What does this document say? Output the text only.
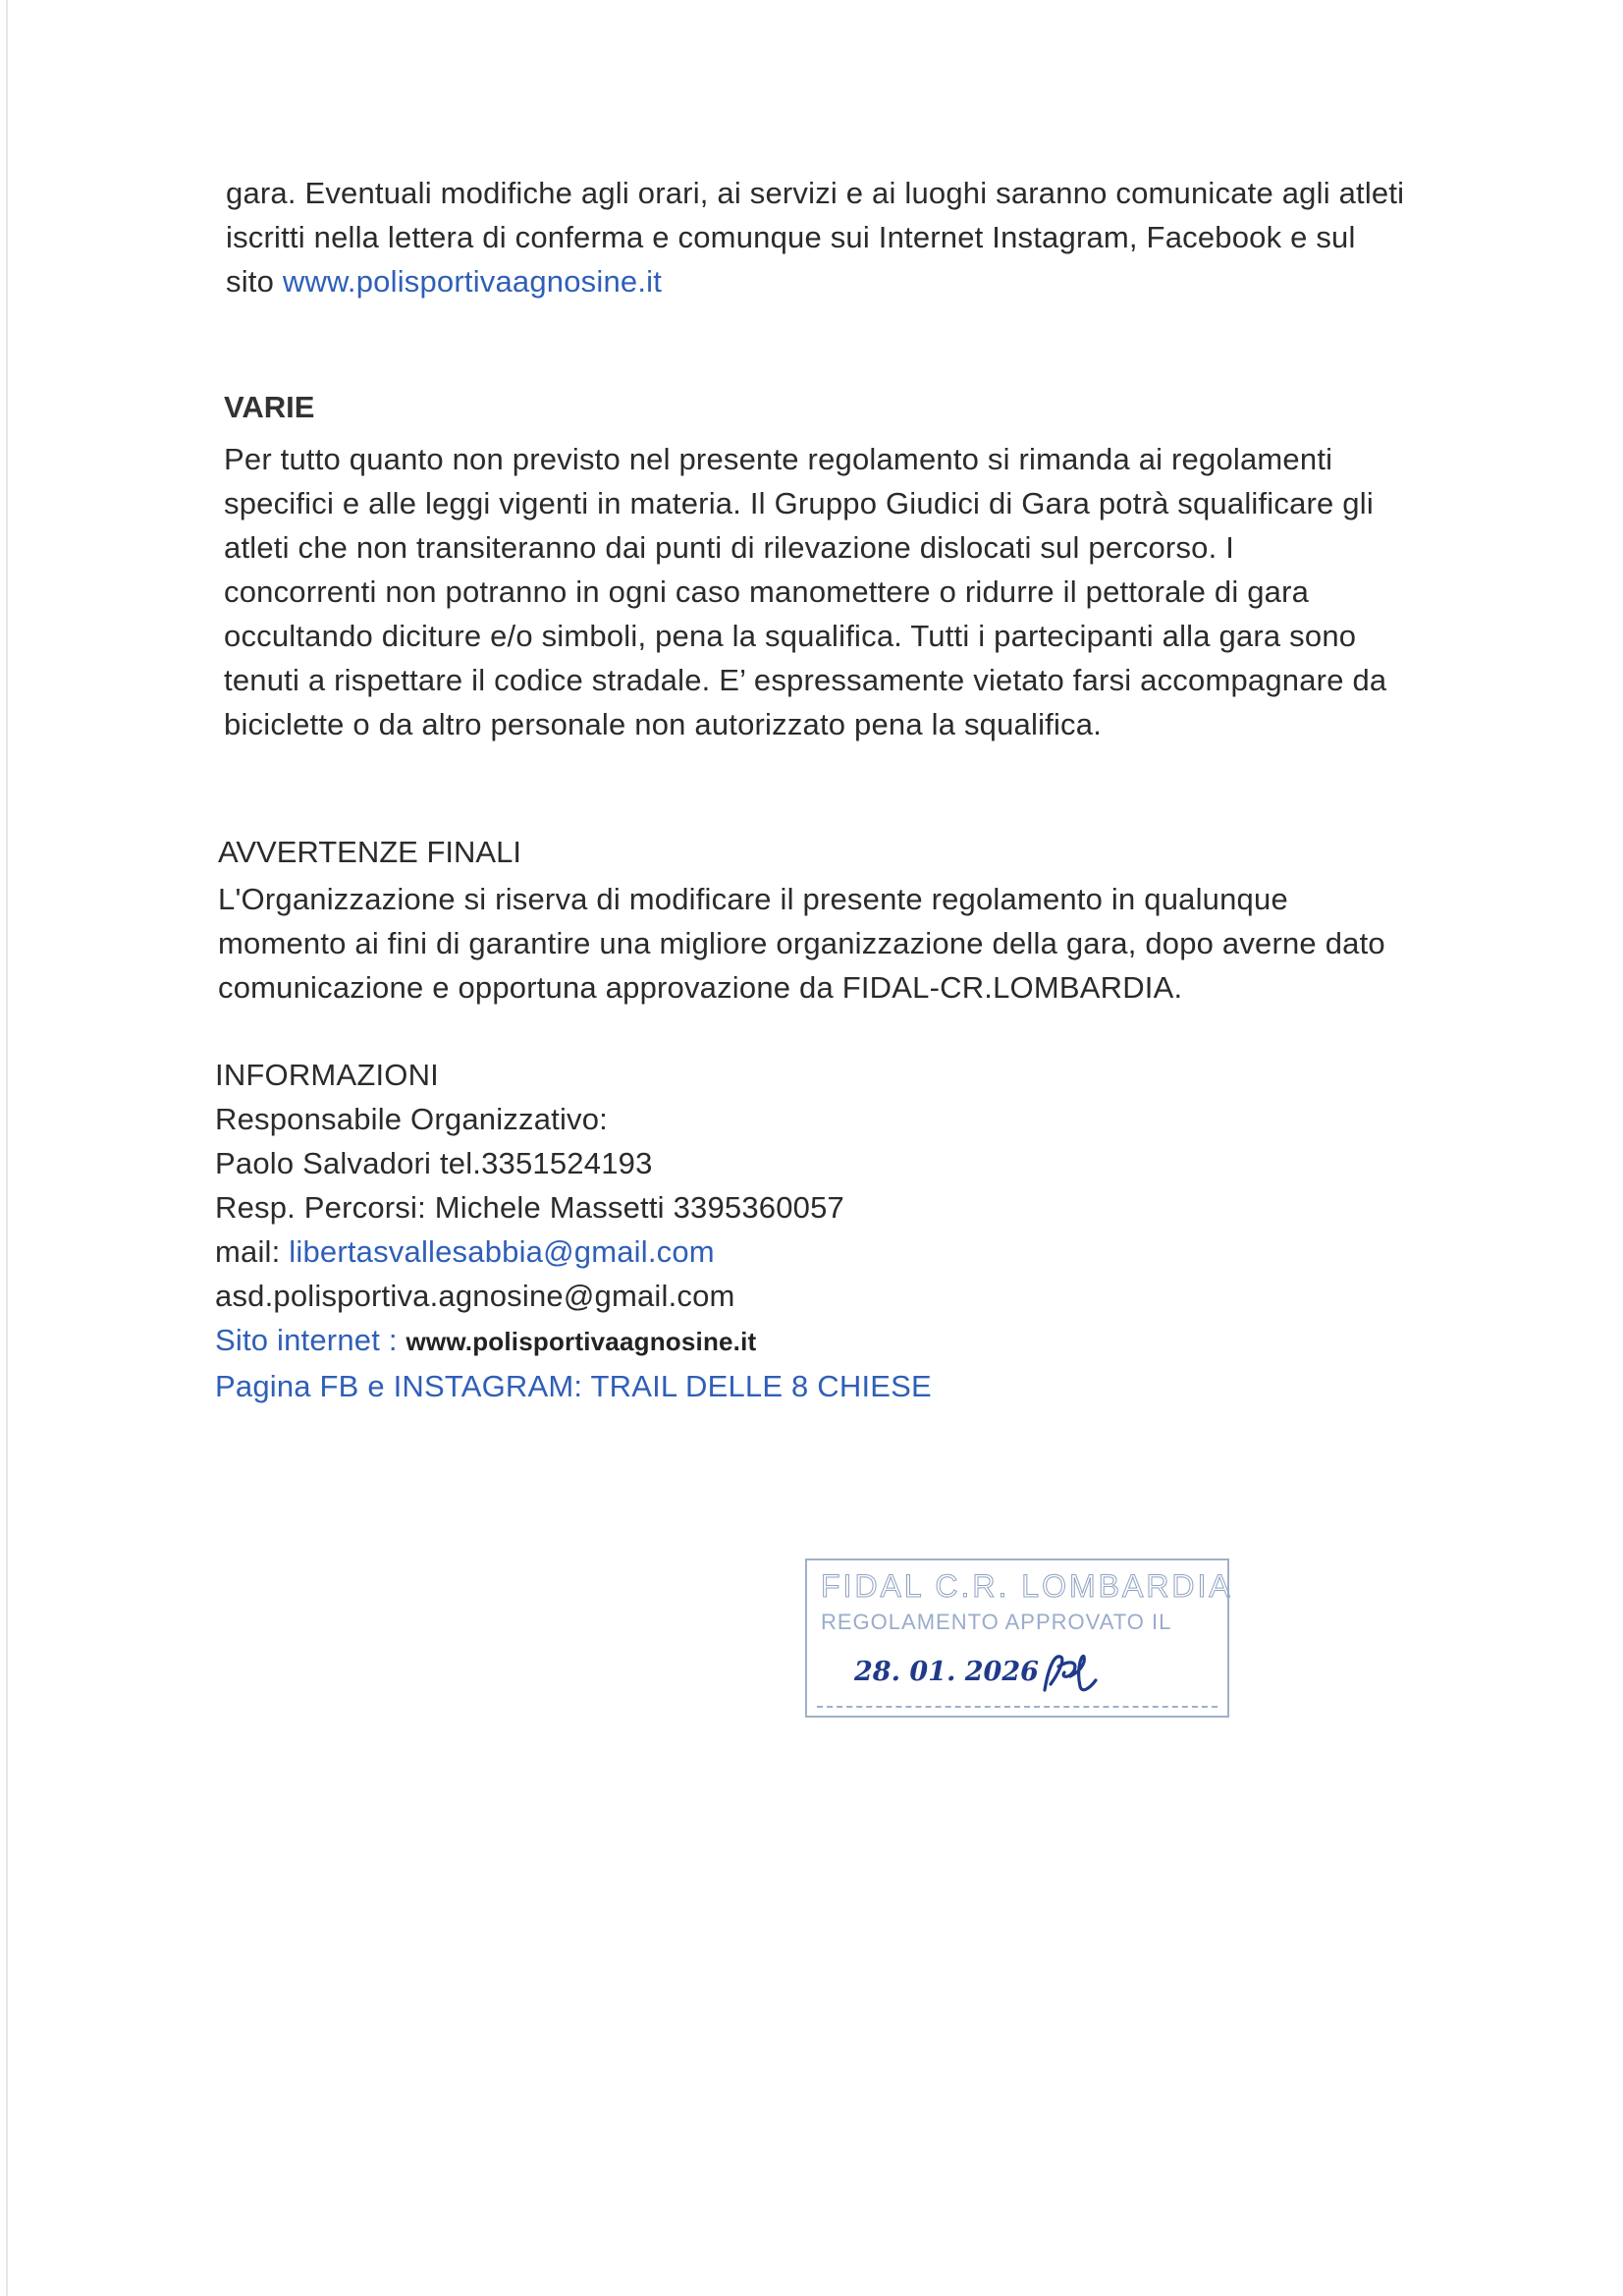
gara. Eventuali modifiche agli orari, ai servizi e ai luoghi saranno comunicate agli atleti

iscritti nella lettera di conferma e comunque sui Internet Instagram, Facebook e sul

sito www.polisportivaagnosine.it

VARIE

Per tutto quanto non previsto nel presente regolamento si rimanda ai regolamenti

specifici e alle leggi vigenti in materia. Il Gruppo Giudici di Gara potrà squalificare gli

atleti che non transiteranno dai punti di rilevazione dislocati sul percorso. I

concorrenti non potranno in ogni caso manomettere o ridurre il pettorale di gara

occultando diciture e/o simboli, pena la squalifica. Tutti i partecipanti alla gara sono

tenuti a rispettare il codice stradale. E’ espressamente vietato farsi accompagnare da

biciclette o da altro personale non autorizzato pena la squalifica.

AVVERTENZE FINALI

L'Organizzazione si riserva di modificare il presente regolamento in qualunque

momento ai fini di garantire una migliore organizzazione della gara, dopo averne dato

comunicazione e opportuna approvazione da FIDAL-CR.LOMBARDIA.

INFORMAZIONI

Responsabile Organizzativo:

Paolo Salvadori tel.3351524193

Resp. Percorsi: Michele Massetti 3395360057

mail: libertasvallesabbia@gmail.com

asd.polisportiva.agnosine@gmail.com

Sito internet : www.polisportivaagnosine.it

Pagina FB e INSTAGRAM: TRAIL DELLE 8 CHIESE

FIDAL C.R. LOMBARDIA
REGOLAMENTO APPROVATO IL
28. 01. 2026
